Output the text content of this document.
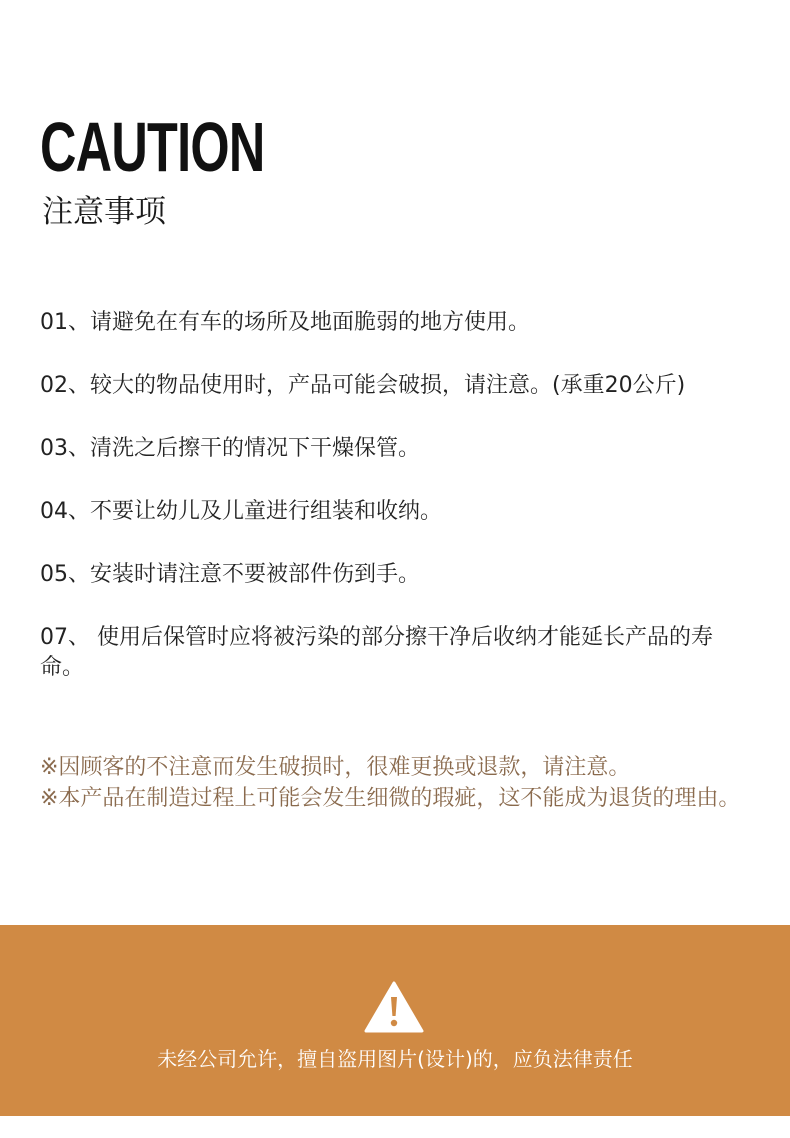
CAUTION
注意事项
01、请避免在有车的场所及地面脆弱的地方使用。
02、较大的物品使用时，产品可能会破损，请注意。(承重20公斤)
03、清洗之后擦干的情况下干燥保管。
04、不要让幼儿及儿童进行组装和收纳。
05、安装时请注意不要被部件伤到手。
07、 使用后保管时应将被污染的部分擦干净后收纳才能延长产品的寿命。
※因顾客的不注意而发生破损时，很难更换或退款，请注意。
※本产品在制造过程上可能会发生细微的瑕疵，这不能成为退货的理由。
未经公司允许，擅自盗用图片(设计)的，应负法律责任
